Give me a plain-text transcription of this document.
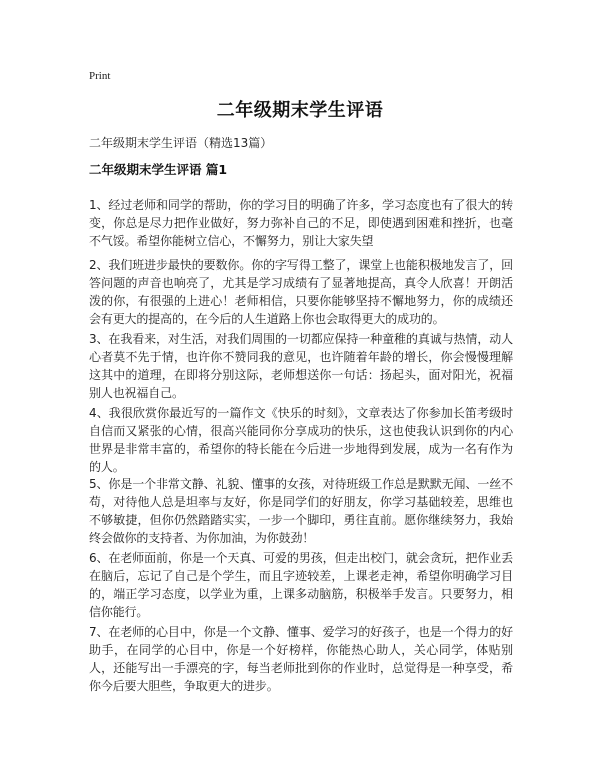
Print
二年级期末学生评语
二年级期末学生评语（精选13篇）
二年级期末学生评语 篇1

1、经过老师和同学的帮助，你的学习目的明确了许多，学习态度也有了很大的转变，你总是尽力把作业做好，努力弥补自己的不足，即使遇到困难和挫折，也毫不气馁。希望你能树立信心，不懈努力，别让大家失望

2、我们班进步最快的要数你。你的字写得工整了，课堂上也能积极地发言了，回答问题的声音也响亮了，尤其是学习成绩有了显著地提高，真令人欣喜！开朗活泼的你，有很强的上进心！老师相信，只要你能够坚持不懈地努力，你的成绩还会有更大的提高的，在今后的人生道路上你也会取得更大的成功的。

3、在我看来，对生活，对我们周围的一切都应保持一种童稚的真诚与热情，动人心者莫不先于情，也许你不赞同我的意见，也许随着年龄的增长，你会慢慢理解这其中的道理，在即将分别这际，老师想送你一句话：扬起头，面对阳光，祝福别人也祝福自己。

4、我很欣赏你最近写的一篇作文《快乐的时刻》，文章表达了你参加长笛考级时自信而又紧张的心情，很高兴能同你分享成功的快乐，这也使我认识到你的内心世界是非常丰富的，希望你的特长能在今后进一步地得到发展，成为一名有作为的人。

5、你是一个非常文静、礼貌、懂事的女孩，对待班级工作总是默默无闻、一丝不苟，对待他人总是坦率与友好，你是同学们的好朋友，你学习基础较差，思维也不够敏捷，但你仍然踏踏实实，一步一个脚印，勇往直前。愿你继续努力，我始终会做你的支持者、为你加油，为你鼓劲！

6、在老师面前，你是一个天真、可爱的男孩，但走出校门，就会贪玩，把作业丢在脑后，忘记了自己是个学生，而且字迹较差，上课老走神，希望你明确学习目的，端正学习态度，以学业为重，上课多动脑筋，积极举手发言。只要努力，相信你能行。

7、在老师的心目中，你是一个文静、懂事、爱学习的好孩子，也是一个得力的好助手，在同学的心目中，你是一个好榜样，你能热心助人，关心同学，体贴别人，还能写出一手漂亮的字，每当老师批到你的作业时，总觉得是一种享受，希你今后要大胆些，争取更大的进步。
